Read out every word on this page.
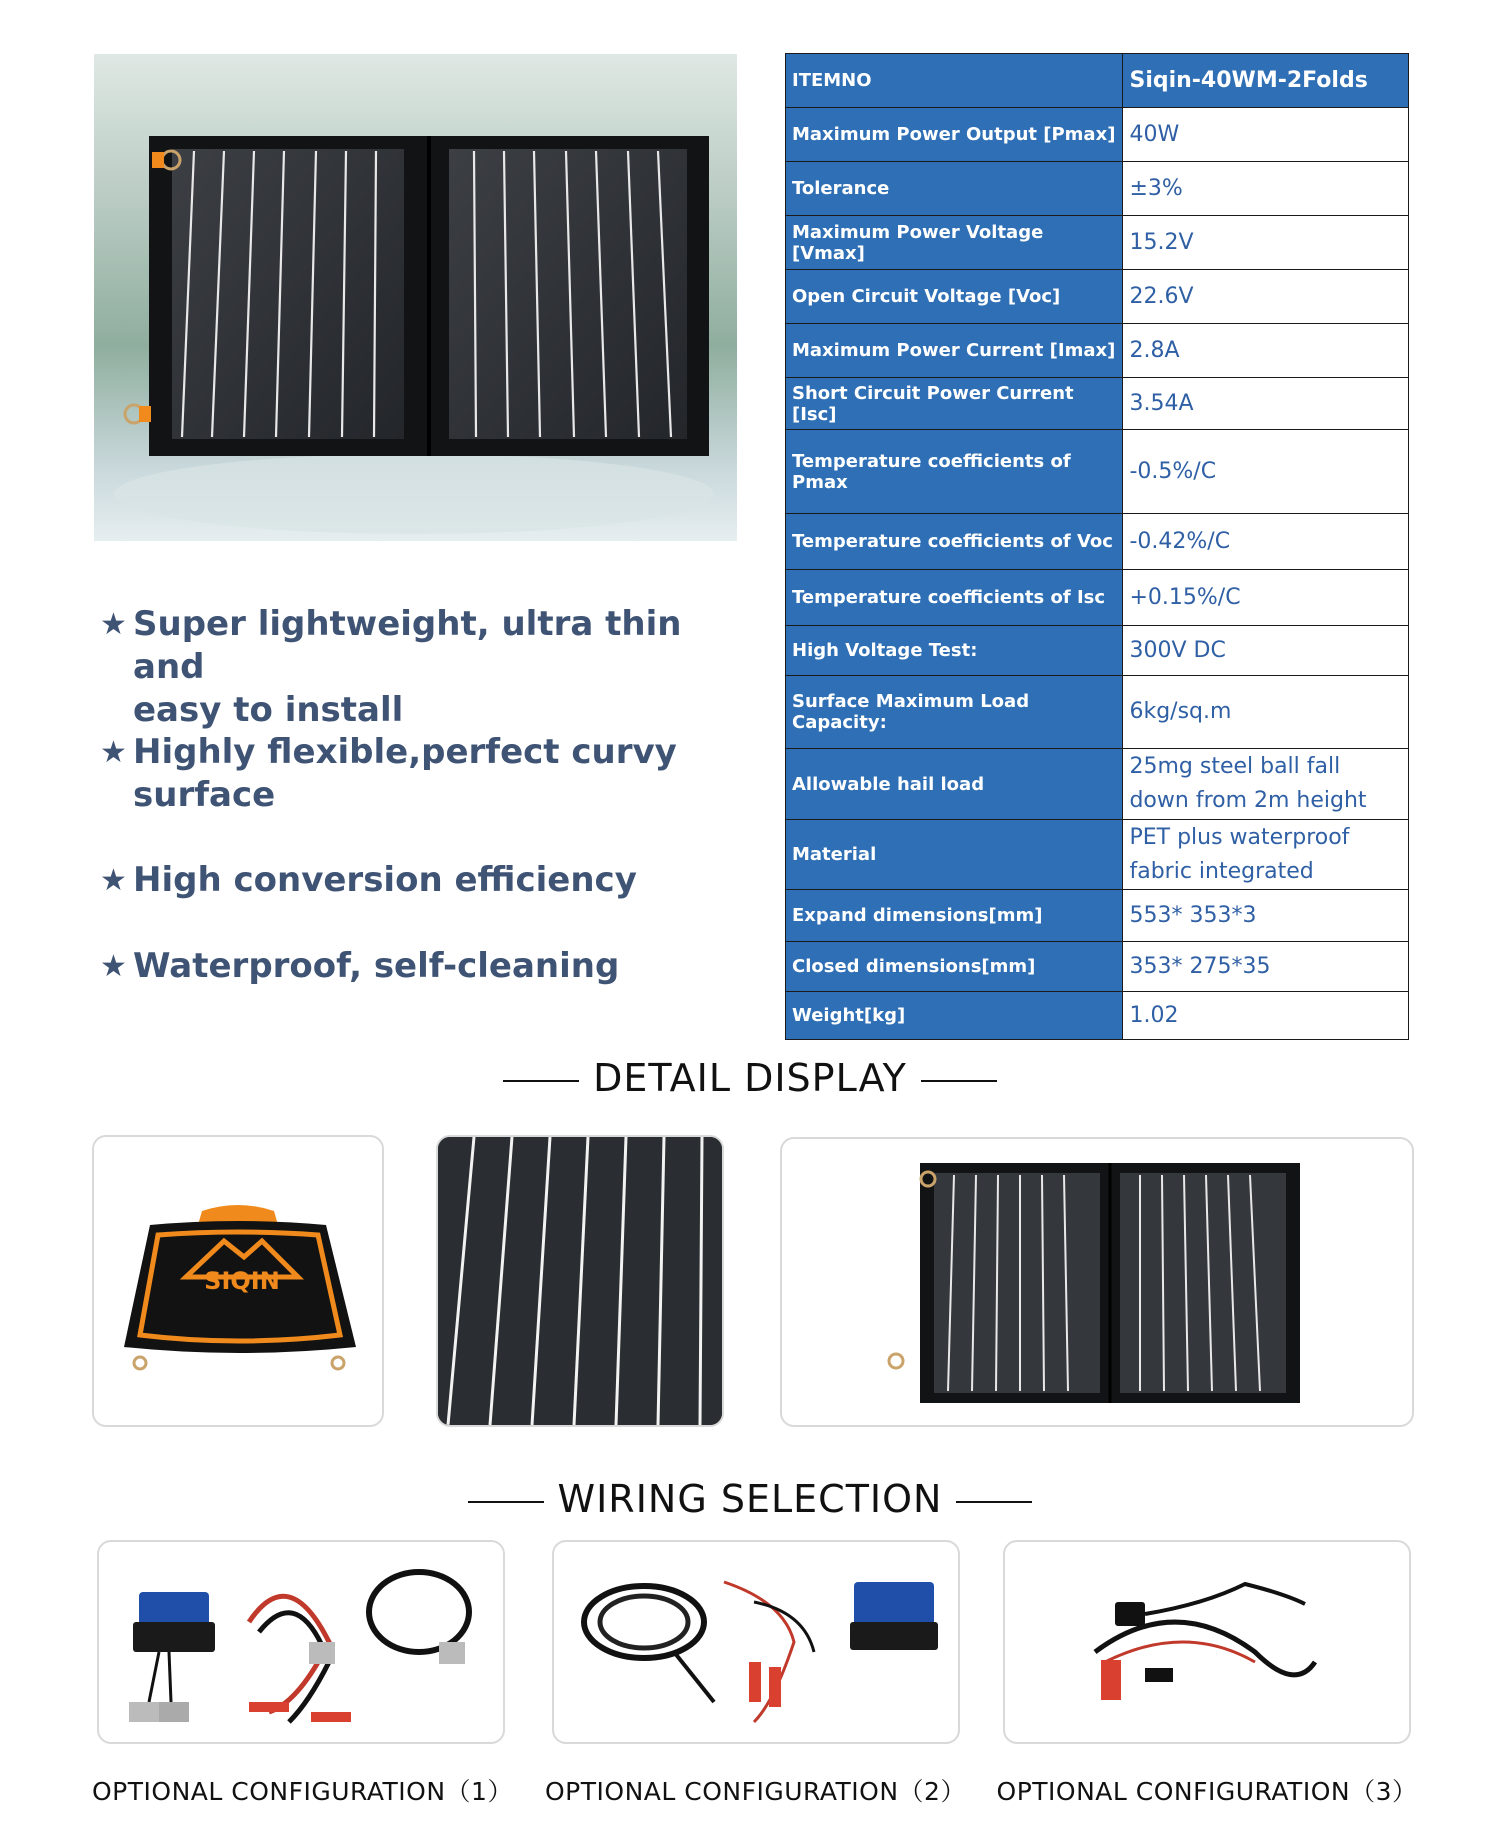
★ Super lightweight, ultra thin and
easy to install
★ Highly flexible,perfect curvy
surface
★ High conversion efficiency
★ Waterproof, self-cleaning
ITEMNO	Siqin-40WM-2Folds
Maximum Power Output [Pmax]	40W
Tolerance	±3%
Maximum Power Voltage [Vmax]	15.2V
Open Circuit Voltage [Voc]	22.6V
Maximum Power Current [Imax]	2.8A
Short Circuit Power Current [Isc]	3.54A
Temperature coefficients of Pmax	-0.5%/C
Temperature coefficients of Voc	-0.42%/C
Temperature coefficients of Isc	+0.15%/C
High Voltage Test:	300V DC
Surface Maximum Load Capacity:	6kg/sq.m
Allowable hail load	25mg steel ball fall down from 2m height
Material	PET plus waterproof fabric integrated
Expand dimensions[mm]	553* 353*3
Closed dimensions[mm]	353* 275*35
Weight[kg]	1.02
DETAIL DISPLAY
SIQIN
WIRING SELECTION
OPTIONAL CONFIGURATION（1） OPTIONAL CONFIGURATION（2） OPTIONAL CONFIGURATION（3）
